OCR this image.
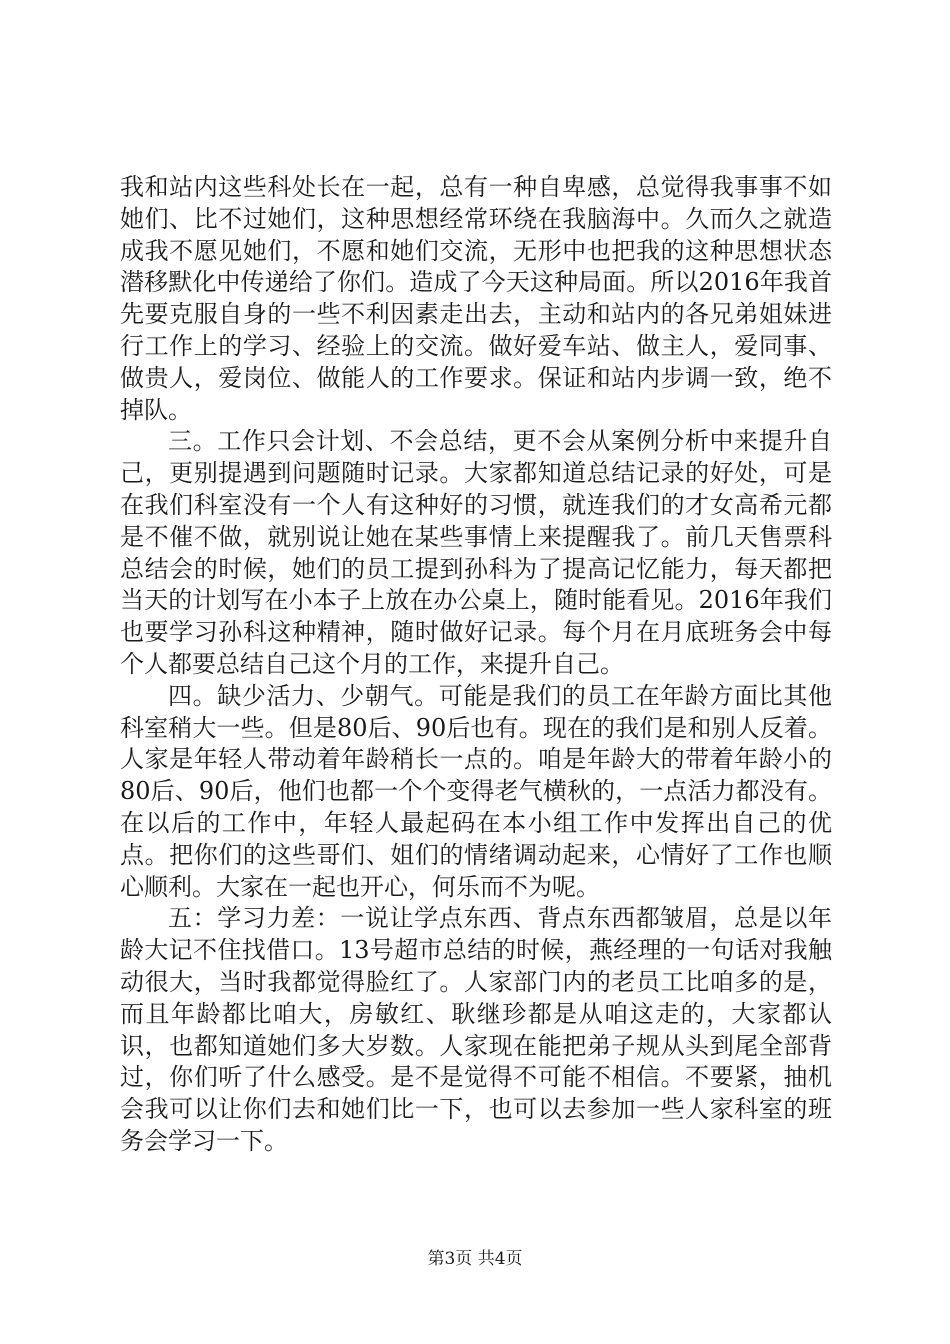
我和站内这些科处长在一起，总有一种自卑感，总觉得我事事不如她们、比不过她们，这种思想经常环绕在我脑海中。久而久之就造成我不愿见她们，不愿和她们交流，无形中也把我的这种思想状态潜移默化中传递给了你们。造成了今天这种局面。所以2016年我首先要克服自身的一些不利因素走出去，主动和站内的各兄弟姐妹进行工作上的学习、经验上的交流。做好爱车站、做主人，爱同事、做贵人，爱岗位、做能人的工作要求。保证和站内步调一致，绝不掉队。

三。工作只会计划、不会总结，更不会从案例分析中来提升自己，更别提遇到问题随时记录。大家都知道总结记录的好处，可是在我们科室没有一个人有这种好的习惯，就连我们的才女高希元都是不催不做，就别说让她在某些事情上来提醒我了。前几天售票科总结会的时候，她们的员工提到孙科为了提高记忆能力，每天都把当天的计划写在小本子上放在办公桌上，随时能看见。2016年我们也要学习孙科这种精神，随时做好记录。每个月在月底班务会中每个人都要总结自己这个月的工作，来提升自己。

四。缺少活力、少朝气。可能是我们的员工在年龄方面比其他科室稍大一些。但是80后、90后也有。现在的我们是和别人反着。人家是年轻人带动着年龄稍长一点的。咱是年龄大的带着年龄小的80后、90后，他们也都一个个变得老气横秋的，一点活力都没有。在以后的工作中，年轻人最起码在本小组工作中发挥出自己的优点。把你们的这些哥们、姐们的情绪调动起来，心情好了工作也顺心顺利。大家在一起也开心，何乐而不为呢。

五：学习力差：一说让学点东西、背点东西都皱眉，总是以年龄大记不住找借口。13号超市总结的时候，燕经理的一句话对我触动很大，当时我都觉得脸红了。人家部门内的老员工比咱多的是，而且年龄都比咱大，房敏红、耿继珍都是从咱这走的，大家都认识，也都知道她们多大岁数。人家现在能把弟子规从头到尾全部背过，你们听了什么感受。是不是觉得不可能不相信。不要紧，抽机会我可以让你们去和她们比一下，也可以去参加一些人家科室的班务会学习一下。

第3页 共4页
